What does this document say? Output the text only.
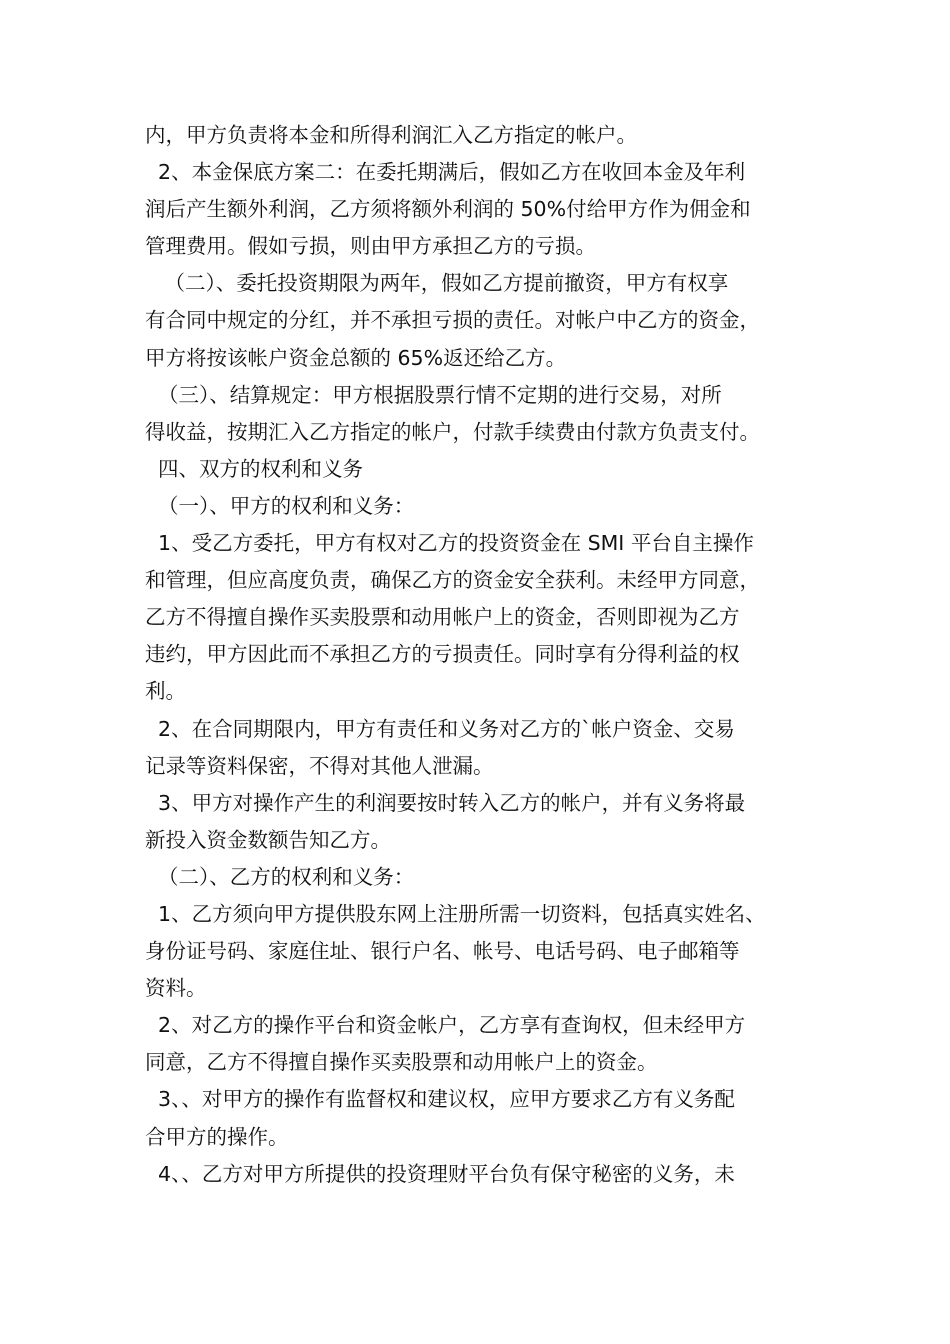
内，甲方负责将本金和所得利润汇入乙方指定的帐户。
2、本金保底方案二：在委托期满后，假如乙方在收回本金及年利
润后产生额外利润，乙方须将额外利润的 50%付给甲方作为佣金和
管理费用。假如亏损，则由甲方承担乙方的亏损。
（二）、委托投资期限为两年，假如乙方提前撤资，甲方有权享
有合同中规定的分红，并不承担亏损的责任。对帐户中乙方的资金，
甲方将按该帐户资金总额的 65%返还给乙方。
（三）、结算规定：甲方根据股票行情不定期的进行交易，对所
得收益，按期汇入乙方指定的帐户，付款手续费由付款方负责支付。
四、双方的权利和义务
（一）、甲方的权利和义务：
1、受乙方委托，甲方有权对乙方的投资资金在 SMI 平台自主操作
和管理，但应高度负责，确保乙方的资金安全获利。未经甲方同意，
乙方不得擅自操作买卖股票和动用帐户上的资金，否则即视为乙方
违约，甲方因此而不承担乙方的亏损责任。同时享有分得利益的权
利。
2、在合同期限内，甲方有责任和义务对乙方的`帐户资金、交易
记录等资料保密，不得对其他人泄漏。
3、甲方对操作产生的利润要按时转入乙方的帐户，并有义务将最
新投入资金数额告知乙方。
（二）、乙方的权利和义务：
1、乙方须向甲方提供股东网上注册所需一切资料，包括真实姓名、
身份证号码、家庭住址、银行户名、帐号、电话号码、电子邮箱等
资料。
2、对乙方的操作平台和资金帐户，乙方享有查询权，但未经甲方
同意，乙方不得擅自操作买卖股票和动用帐户上的资金。
3、、对甲方的操作有监督权和建议权，应甲方要求乙方有义务配
合甲方的操作。
4、、乙方对甲方所提供的投资理财平台负有保守秘密的义务，未
